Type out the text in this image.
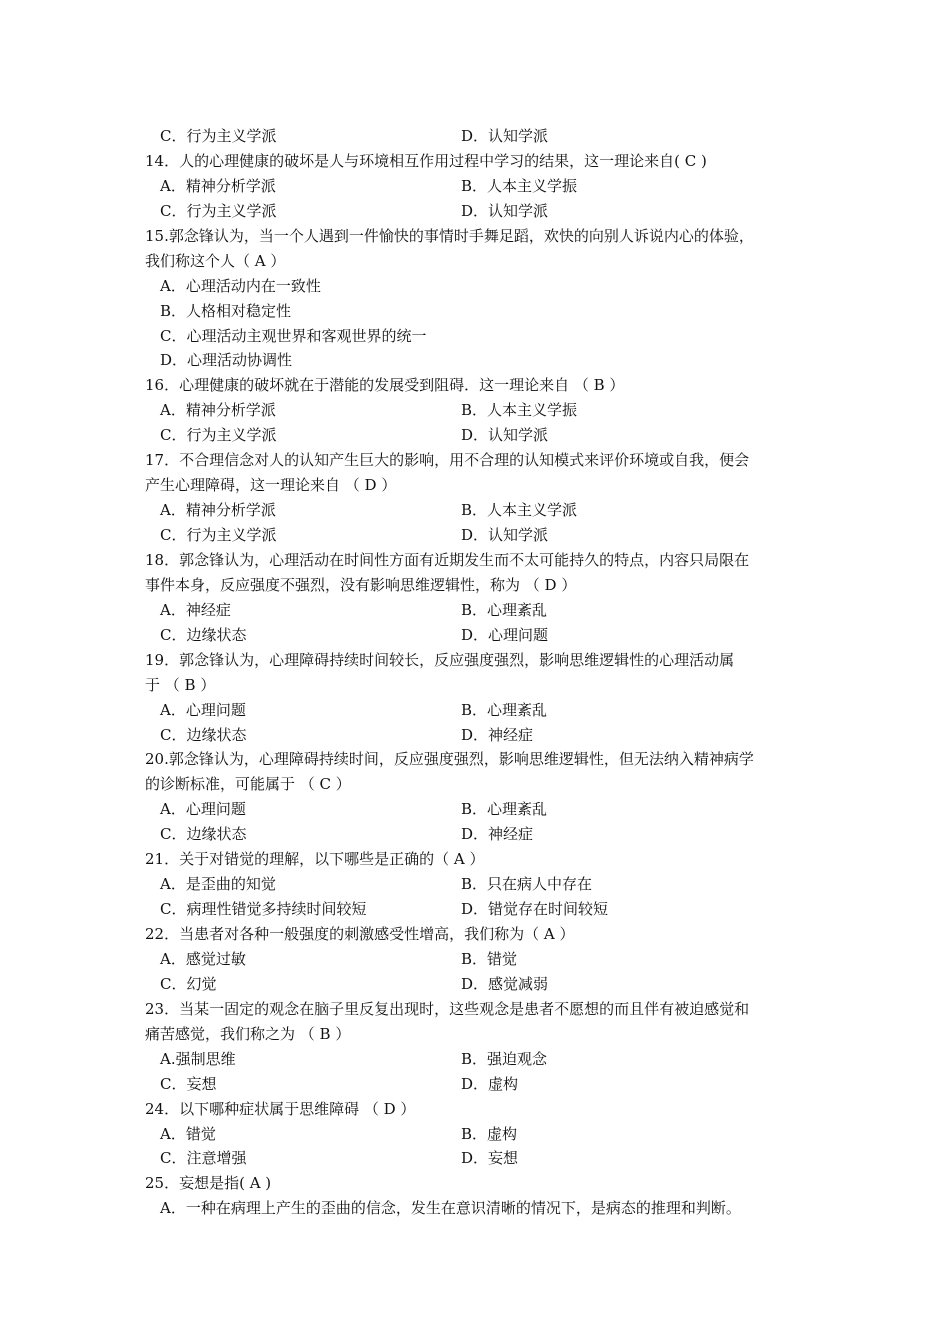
C．行为主义学派	D．认知学派
14．人的心理健康的破坏是人与环境相互作用过程中学习的结果，这一理论来自( C )
A．精神分析学派	B．人本主义学振
C．行为主义学派	D．认知学派
15.郭念锋认为，当一个人遇到一件愉快的事情时手舞足蹈，欢快的向别人诉说内心的体验，
我们称这个人（ A ）
A．心理活动内在一致性
B．人格相对稳定性
C．心理活动主观世界和客观世界的统一
D．心理活动协调性
16．心理健康的破坏就在于潜能的发展受到阻碍．这一理论来自 （ B ）
A．精神分析学派	B．人本主义学振
C．行为主义学派	D．认知学派
17．不合理信念对人的认知产生巨大的影响，用不合理的认知模式来评价环境或自我，便会
产生心理障碍，这一理论来自 （ D ）
A．精神分析学派	B．人本主义学派
C．行为主义学派	D．认知学派
18．郭念锋认为，心理活动在时间性方面有近期发生而不太可能持久的特点，内容只局限在
事件本身，反应强度不强烈，没有影响思维逻辑性，称为 （ D ）
A．神经症	B．心理紊乱
C．边缘状态	D．心理问题
19．郭念锋认为，心理障碍持续时间较长，反应强度强烈，影响思维逻辑性的心理活动属
于 （ B ）
A．心理问题	B．心理紊乱
C．边缘状态	D．神经症
20.郭念锋认为，心理障碍持续时间，反应强度强烈，影响思维逻辑性，但无法纳入精神病学
的诊断标准，可能属于 （ C ）
A．心理问题	B．心理紊乱
C．边缘状态	D．神经症
21．关于对错觉的理解，以下哪些是正确的（ A ）
A．是歪曲的知觉	B．只在病人中存在
C．病理性错觉多持续时间较短	D．错觉存在时间较短
22．当患者对各种一般强度的刺激感受性增高，我们称为（ A ）
A．感觉过敏	B．错觉
C．幻觉	D．感觉减弱
23．当某一固定的观念在脑子里反复出现时，这些观念是患者不愿想的而且伴有被迫感觉和
痛苦感觉，我们称之为 （ B ）
A.强制思维	B．强迫观念
C．妄想	D．虚构
24．以下哪种症状属于思维障碍 （ D ）
A．错觉	B．虚构
C．注意增强	D．妄想
25．妄想是指( A )
A．一种在病理上产生的歪曲的信念，发生在意识清晰的情况下，是病态的推理和判断。
